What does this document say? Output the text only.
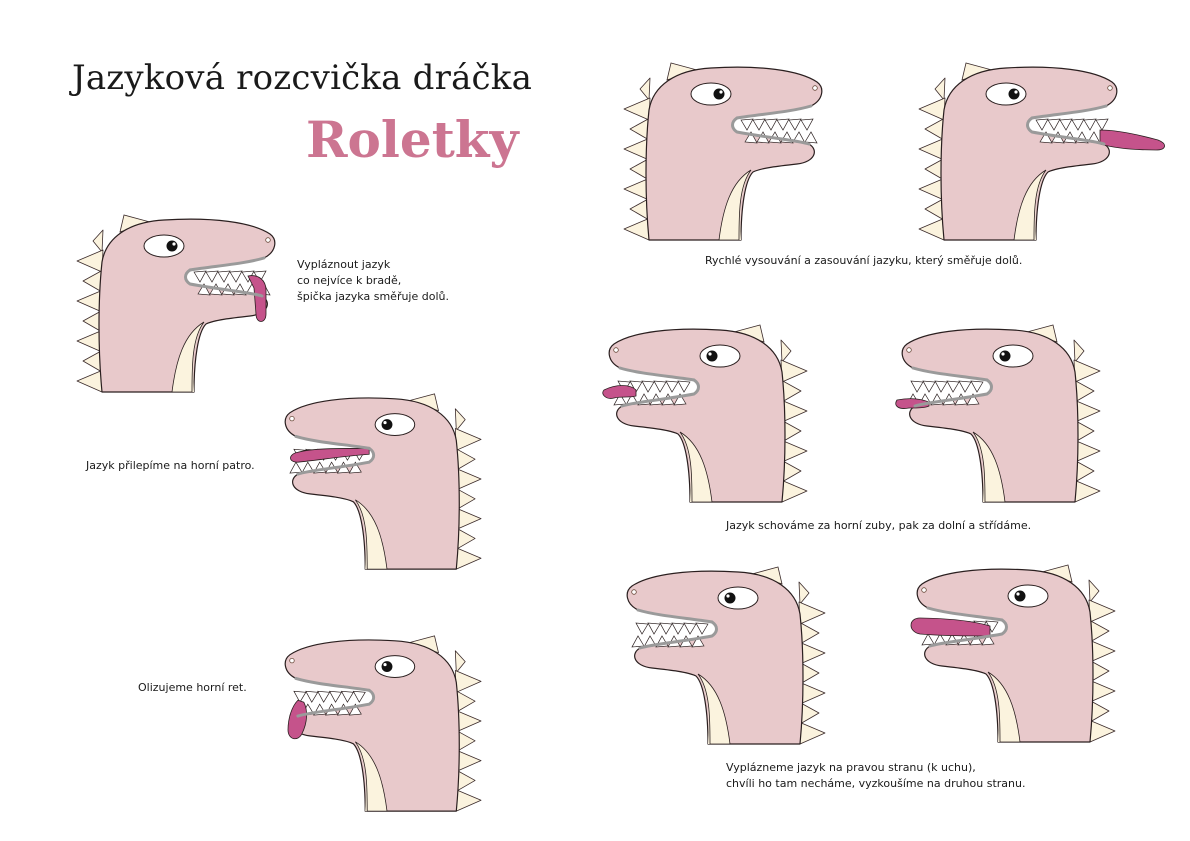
Jazyková rozcvička dráčka
Roletky
Vypláznout jazyk
co nejvíce k bradě,
špička jazyka směřuje dolů.
Jazyk přilepíme na horní patro.
Olizujeme horní ret.
Rychlé vysouvání a zasouvání jazyku, který směřuje dolů.
Jazyk schováme za horní zuby, pak za dolní a střídáme.
Vyplázneme jazyk na pravou stranu (k uchu),
chvíli ho tam necháme, vyzkoušíme na druhou stranu.
